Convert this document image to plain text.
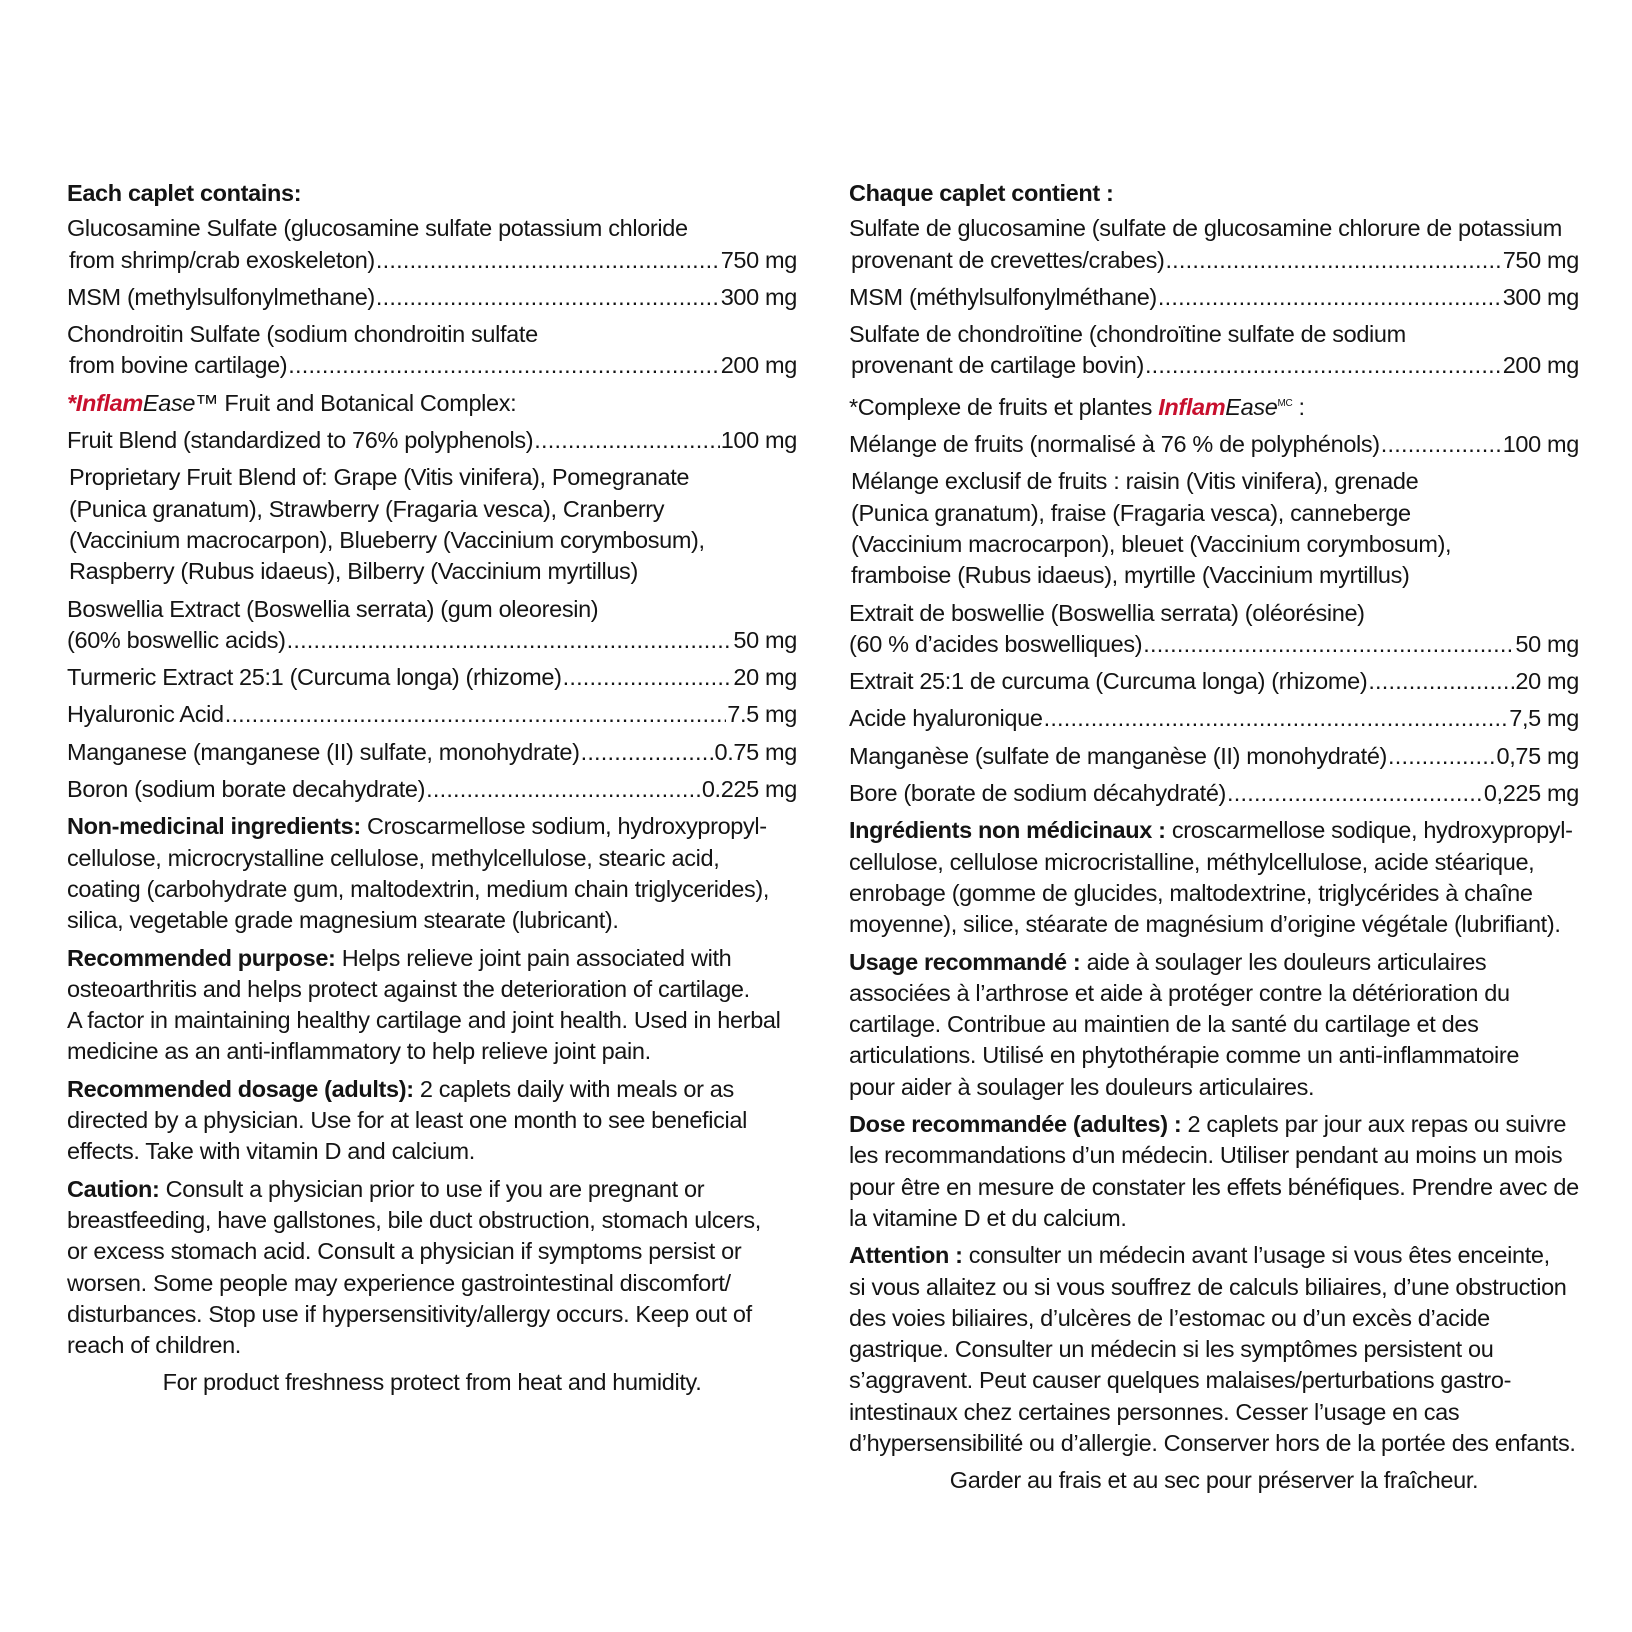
Each caplet contains:
Glucosamine Sulfate (glucosamine sulfate potassium chloride
from shrimp/crab exoskeleton) .....	750 mg
MSM (methylsulfonylmethane) .....	300 mg
Chondroitin Sulfate (sodium chondroitin sulfate
from bovine cartilage) .....	200 mg
*InflamEase™ Fruit and Botanical Complex:
Fruit Blend (standardized to 76% polyphenols) .....	100 mg
Proprietary Fruit Blend of: Grape (Vitis vinifera), Pomegranate
(Punica granatum), Strawberry (Fragaria vesca), Cranberry
(Vaccinium macrocarpon), Blueberry (Vaccinium corymbosum),
Raspberry (Rubus idaeus), Bilberry (Vaccinium myrtillus)
Boswellia Extract (Boswellia serrata) (gum oleoresin)
(60% boswellic acids) .....	50 mg
Turmeric Extract 25:1 (Curcuma longa) (rhizome) .....	20 mg
Hyaluronic Acid .....	7.5 mg
Manganese (manganese (II) sulfate, monohydrate) .....	0.75 mg
Boron (sodium borate decahydrate) .....	0.225 mg
Non-medicinal ingredients: Croscarmellose sodium, hydroxypropyl-
cellulose, microcrystalline cellulose, methylcellulose, stearic acid,
coating (carbohydrate gum, maltodextrin, medium chain triglycerides),
silica, vegetable grade magnesium stearate (lubricant).
Recommended purpose: Helps relieve joint pain associated with
osteoarthritis and helps protect against the deterioration of cartilage.
A factor in maintaining healthy cartilage and joint health. Used in herbal
medicine as an anti-inflammatory to help relieve joint pain.
Recommended dosage (adults): 2 caplets daily with meals or as
directed by a physician. Use for at least one month to see beneficial
effects. Take with vitamin D and calcium.
Caution: Consult a physician prior to use if you are pregnant or
breastfeeding, have gallstones, bile duct obstruction, stomach ulcers,
or excess stomach acid. Consult a physician if symptoms persist or
worsen. Some people may experience gastrointestinal discomfort/
disturbances. Stop use if hypersensitivity/allergy occurs. Keep out of
reach of children.
For product freshness protect from heat and humidity.
Chaque caplet contient :
Sulfate de glucosamine (sulfate de glucosamine chlorure de potassium
provenant de crevettes/crabes) .....	750 mg
MSM (méthylsulfonylméthane) .....	300 mg
Sulfate de chondroïtine (chondroïtine sulfate de sodium
provenant de cartilage bovin) .....	200 mg
*Complexe de fruits et plantes InflamEase$^{MC}$ :
Mélange de fruits (normalisé à 76 % de polyphénols) .....	100 mg
Mélange exclusif de fruits : raisin (Vitis vinifera), grenade
(Punica granatum), fraise (Fragaria vesca), canneberge
(Vaccinium macrocarpon), bleuet (Vaccinium corymbosum),
framboise (Rubus idaeus), myrtille (Vaccinium myrtillus)
Extrait de boswellie (Boswellia serrata) (oléorésine)
(60 % d’acides boswelliques) .....	50 mg
Extrait 25:1 de curcuma (Curcuma longa) (rhizome) .....	20 mg
Acide hyaluronique .....	7,5 mg
Manganèse (sulfate de manganèse (II) monohydraté) .....	0,75 mg
Bore (borate de sodium décahydraté) .....	0,225 mg
Ingrédients non médicinaux : croscarmellose sodique, hydroxypropyl-
cellulose, cellulose microcristalline, méthylcellulose, acide stéarique,
enrobage (gomme de glucides, maltodextrine, triglycérides à chaîne
moyenne), silice, stéarate de magnésium d’origine végétale (lubrifiant).
Usage recommandé : aide à soulager les douleurs articulaires
associées à l’arthrose et aide à protéger contre la détérioration du
cartilage. Contribue au maintien de la santé du cartilage et des
articulations. Utilisé en phytothérapie comme un anti-inflammatoire
pour aider à soulager les douleurs articulaires.
Dose recommandée (adultes) : 2 caplets par jour aux repas ou suivre
les recommandations d’un médecin. Utiliser pendant au moins un mois
pour être en mesure de constater les effets bénéfiques. Prendre avec de
la vitamine D et du calcium.
Attention : consulter un médecin avant l’usage si vous êtes enceinte,
si vous allaitez ou si vous souffrez de calculs biliaires, d’une obstruction
des voies biliaires, d’ulcères de l’estomac ou d’un excès d’acide
gastrique. Consulter un médecin si les symptômes persistent ou
s’aggravent. Peut causer quelques malaises/perturbations gastro-
intestinaux chez certaines personnes. Cesser l’usage en cas
d’hypersensibilité ou d’allergie. Conserver hors de la portée des enfants.
Garder au frais et au sec pour préserver la fraîcheur.
